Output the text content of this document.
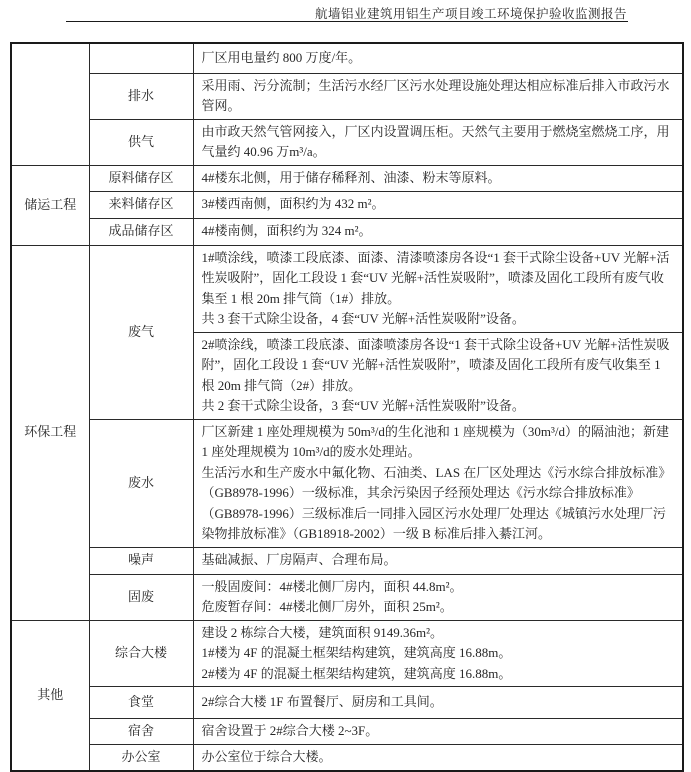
航墙铝业建筑用铝生产项目竣工环境保护验收监测报告

		厂区用电量约 800 万度/年。

	排水	采用雨、污分流制；生活污水经厂区污水处理设施处理达相应标准后排入市政污水管网。

	供气	由市政天然气管网接入，厂区内设置调压柜。天然气主要用于燃烧室燃烧工序，用气量约 40.96 万m³/a。

储运工程	原料储存区	4#楼东北侧，用于储存稀释剂、油漆、粉末等原料。

	来料储存区	3#楼西南侧，面积约为 432 m²。

	成品储存区	4#楼南侧，面积约为 324 m²。

环保工程	废气	1#喷涂线，喷漆工段底漆、面漆、清漆喷漆房各设“1 套干式除尘设备+UV 光解+活性炭吸附”，固化工段设 1 套“UV 光解+活性炭吸附”，喷漆及固化工段所有废气收集至 1 根 20m 排气筒（1#）排放。

共 3 套干式除尘设备，4 套“UV 光解+活性炭吸附”设备。

		2#喷涂线，喷漆工段底漆、面漆喷漆房各设“1 套干式除尘设备+UV 光解+活性炭吸附”，固化工段设 1 套“UV 光解+活性炭吸附”，喷漆及固化工段所有废气收集至 1 根 20m 排气筒（2#）排放。

共 2 套干式除尘设备，3 套“UV 光解+活性炭吸附”设备。

	废水	厂区新建 1 座处理规模为 50m³/d的生化池和 1 座规模为（30m³/d）的隔油池；新建 1 座处理规模为 10m³/d的废水处理站。

生活污水和生产废水中氟化物、石油类、LAS 在厂区处理达《污水综合排放标准》（GB8978-1996）一级标准，其余污染因子经预处理达《污水综合排放标准》（GB8978-1996）三级标准后一同排入园区污水处理厂处理达《城镇污水处理厂污染物排放标准》（GB18918-2002）一级 B 标准后排入綦江河。

	噪声	基础减振、厂房隔声、合理布局。

	固废	一般固废间：4#楼北侧厂房内，面积 44.8m²。

危废暂存间：4#楼北侧厂房外，面积 25m²。

其他	综合大楼	建设 2 栋综合大楼，建筑面积 9149.36m²。

1#楼为 4F 的混凝土框架结构建筑，建筑高度 16.88m。

2#楼为 4F 的混凝土框架结构建筑，建筑高度 16.88m。

	食堂	2#综合大楼 1F 布置餐厅、厨房和工具间。

	宿舍	宿舍设置于 2#综合大楼 2~3F。

	办公室	办公室位于综合大楼。
